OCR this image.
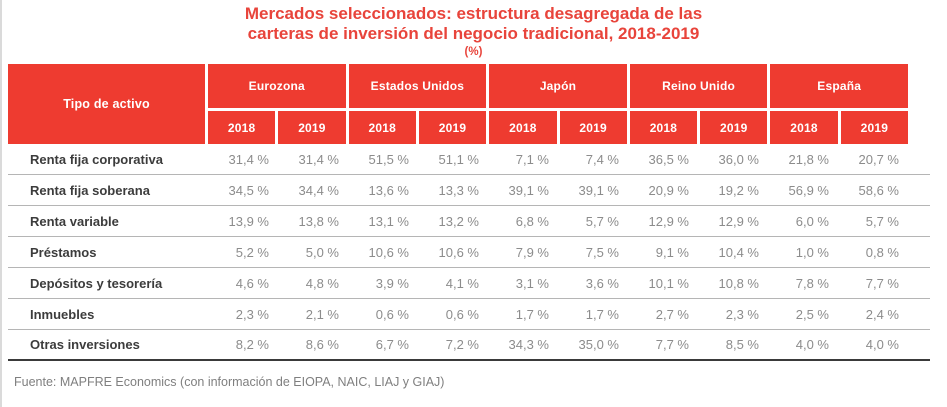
Mercados seleccionados: estructura desagregada de las
carteras de inversión del negocio tradicional, 2018-2019
(%)
Tipo de activo
Eurozona	Estados Unidos	Japón	Reino Unido	España
2018	2019	2018	2019	2018	2019	2018	2019	2018	2019
Renta fija corporativa	31,4 %	31,4 %	51,5 %	51,1 %	7,1 %	7,4 %	36,5 %	36,0 %	21,8 %	20,7 %
Renta fija soberana	34,5 %	34,4 %	13,6 %	13,3 %	39,1 %	39,1 %	20,9 %	19,2 %	56,9 %	58,6 %
Renta variable	13,9 %	13,8 %	13,1 %	13,2 %	6,8 %	5,7 %	12,9 %	12,9 %	6,0 %	5,7 %
Préstamos	5,2 %	5,0 %	10,6 %	10,6 %	7,9 %	7,5 %	9,1 %	10,4 %	1,0 %	0,8 %
Depósitos y tesorería	4,6 %	4,8 %	3,9 %	4,1 %	3,1 %	3,6 %	10,1 %	10,8 %	7,8 %	7,7 %
Inmuebles	2,3 %	2,1 %	0,6 %	0,6 %	1,7 %	1,7 %	2,7 %	2,3 %	2,5 %	2,4 %
Otras inversiones	8,2 %	8,6 %	6,7 %	7,2 %	34,3 %	35,0 %	7,7 %	8,5 %	4,0 %	4,0 %
Fuente: MAPFRE Economics (con información de EIOPA, NAIC, LIAJ y GIAJ)
